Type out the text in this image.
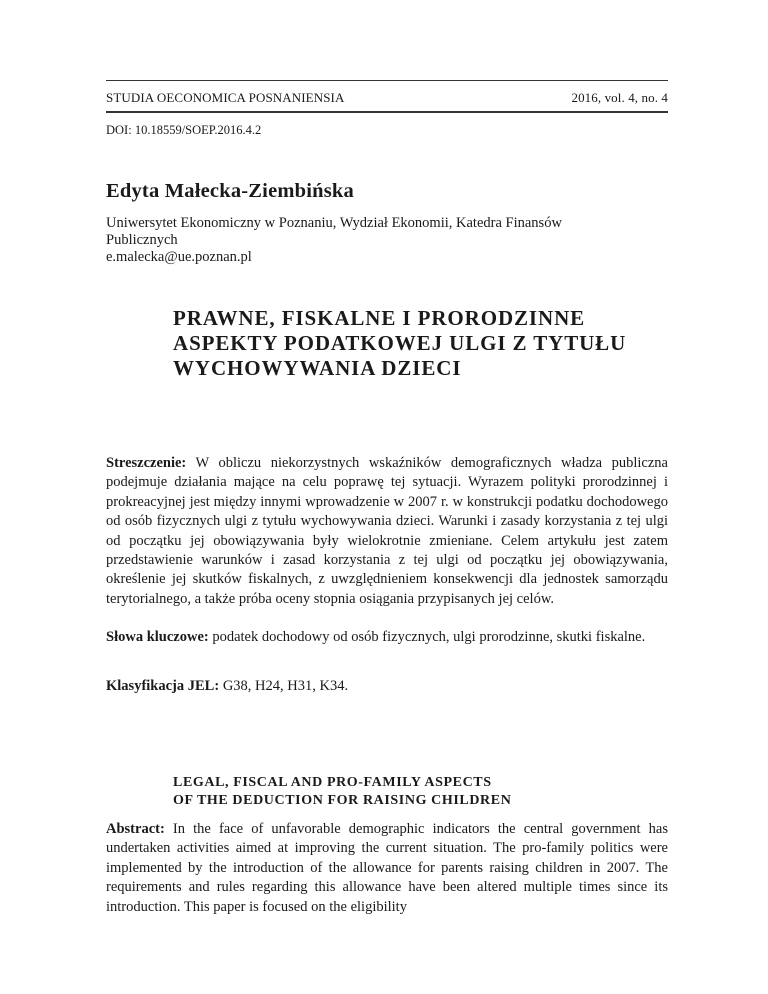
STUDIA OECONOMICA POSNANIENSIA	2016, vol. 4, no. 4
DOI: 10.18559/SOEP.2016.4.2
Edyta Małecka-Ziembińska
Uniwersytet Ekonomiczny w Poznaniu, Wydział Ekonomii, Katedra Finansów
Publicznych
e.malecka@ue.poznan.pl
PRAWNE, FISKALNE I PRORODZINNE
ASPEKTY PODATKOWEJ ULGI Z TYTUŁU
WYCHOWYWANIA DZIECI

Streszczenie: W obliczu niekorzystnych wskaźników demograficznych władza publiczna podejmuje działania mające na celu poprawę tej sytuacji. Wyrazem polityki prorodzinnej i prokreacyjnej jest między innymi wprowadzenie w 2007 r. w konstrukcji podatku dochodowego od osób fizycznych ulgi z tytułu wychowywania dzieci. Warunki i zasady korzystania z tej ulgi od początku jej obowiązywania były wielokrotnie zmieniane. Celem artykułu jest zatem przedstawienie warunków i zasad korzystania z tej ulgi od początku jej obowiązywania, określenie jej skutków fiskalnych, z uwzględnieniem konsekwencji dla jednostek samorządu terytorialnego, a także próba oceny stopnia osiągania przypisanych jej celów.

Słowa kluczowe: podatek dochodowy od osób fizycznych, ulgi prorodzinne, skutki fiskalne.

Klasyfikacja JEL: G38, H24, H31, K34.

LEGAL, FISCAL AND PRO-FAMILY ASPECTS
OF THE DEDUCTION FOR RAISING CHILDREN

Abstract: In the face of unfavorable demographic indicators the central government has undertaken activities aimed at improving the current situation. The pro-family politics were implemented by the introduction of the allowance for parents raising children in 2007. The requirements and rules regarding this allowance have been altered multiple times since its introduction. This paper is focused on the eligibility
